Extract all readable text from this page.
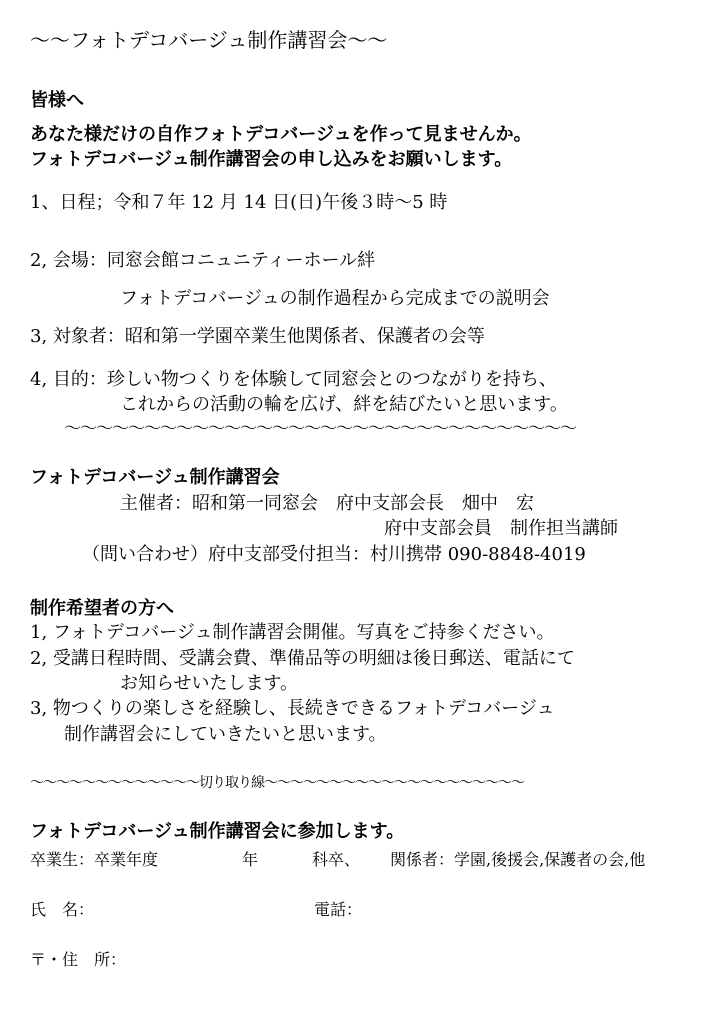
〜〜フォトデコバージュ制作講習会〜〜
皆様へ
あなた様だけの自作フォトデコバージュを作って見ませんか。
フォトデコバージュ制作講習会の申し込みをお願いします。
1、日程；令和７年 12 月 14 日(日)午後３時〜5 時
2, 会場：同窓会館コニュニティーホール絆
フォトデコバージュの制作過程から完成までの説明会
3, 対象者：昭和第一学園卒業生他関係者、保護者の会等
4, 目的：珍しい物つくりを体験して同窓会とのつながりを持ち、
これからの活動の輪を広げ、絆を結びたいと思います。
〜〜〜〜〜〜〜〜〜〜〜〜〜〜〜〜〜〜〜〜〜〜〜〜〜〜〜〜〜〜〜〜
フォトデコバージュ制作講習会
主催者：昭和第一同窓会　府中支部会長　畑中　宏
府中支部会員　制作担当講師
（問い合わせ）府中支部受付担当：村川携帯 090-8848-4019
制作希望者の方へ
1, フォトデコバージュ制作講習会開催。写真をご持参ください。
2, 受講日程時間、受講会費、準備品等の明細は後日郵送、電話にて
お知らせいたします。
3, 物つくりの楽しさを経験し、長続きできるフォトデコバージュ
制作講習会にしていきたいと思います。
〜〜〜〜〜〜〜〜〜〜〜〜〜切り取り線〜〜〜〜〜〜〜〜〜〜〜〜〜〜〜〜〜〜〜〜
フォトデコバージュ制作講習会に参加します。
卒業生：卒業年度	年	科卒、 関係者：学園,後援会,保護者の会,他
氏　名：	電話：
〒・住　所：
